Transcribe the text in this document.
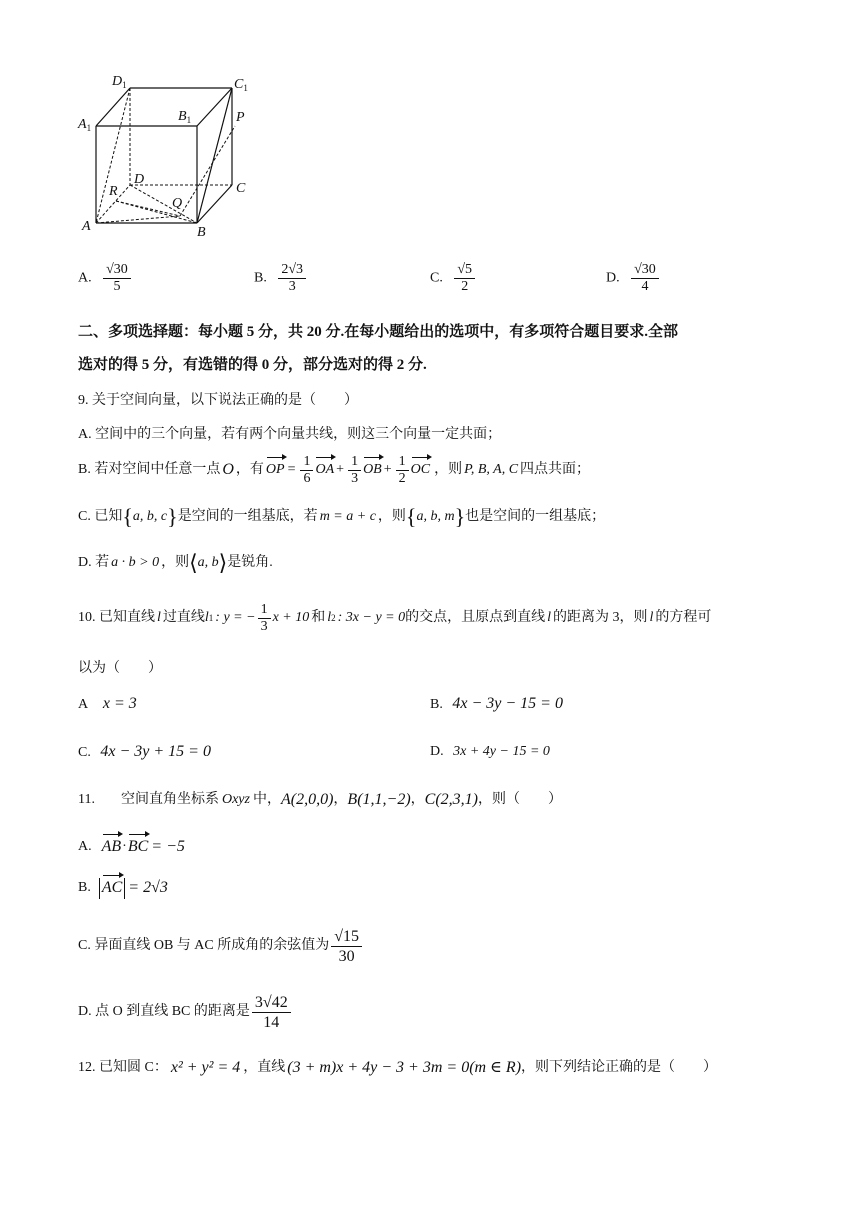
$D_1$	$C_1$
$A_1$
$B_1$	P
D
C
R
Q
A	B
A. $\frac{√30}{5}$	B. $\frac{2√3}{3}$	C. $\frac{√5}{2}$	D. $\frac{√30}{4}$
二、多项选择题：每小题 5 分，共 20 分.在每小题给出的选项中，有多项符合题目要求.全部
选对的得 5 分，有选错的得 0 分，部分选对的得 2 分.
9. 关于空间向量，以下说法正确的是（　　）
A. 空间中的三个向量，若有两个向量共线，则这三个向量一定共面；
B. 若对空间中任意一点 O ，有 OP = $\frac{1}{6}$ OA + $\frac{1}{3}$ OB + $\frac{1}{2}$ OC ，则 P, B, A, C 四点共面；
C. 已知 { a, b, c } 是空间的一组基底，若 m = a + c ，则 { a, b, m } 也是空间的一组基底；
D. 若 a · b > 0 ，则 ⟨ a, b ⟩ 是锐角.
10. 已知直线 l 过直线 l 1 : y = − $\frac{1}{3}$ x + 10 和 l 2 : 3x − y = 0 的交点，且原点到直线 l 的距离为 3，则 l 的方程可
以为（　　）
A x = 3	B. 4x − 3y − 15 = 0
C. 4x − 3y + 15 = 0	D. 3x + 4y − 15 = 0
11. 空间直角坐标系 Oxyz 中， A(2,0,0) ， B(1,1,−2) ， C(2,3,1) ，则（　　）
A. AB · BC = −5
B. AC = 2√3
C. 异面直线 OB 与 AC 所成角的余弦值为 $\frac{√15}{30}$
D. 点 O 到直线 BC 的距离是 $\frac{3√42}{14}$
12. 已知圆 C： x² + y² = 4 ，直线 (3 + m)x + 4y − 3 + 3m = 0(m ∈ R) ，则下列结论正确的是（　　）
